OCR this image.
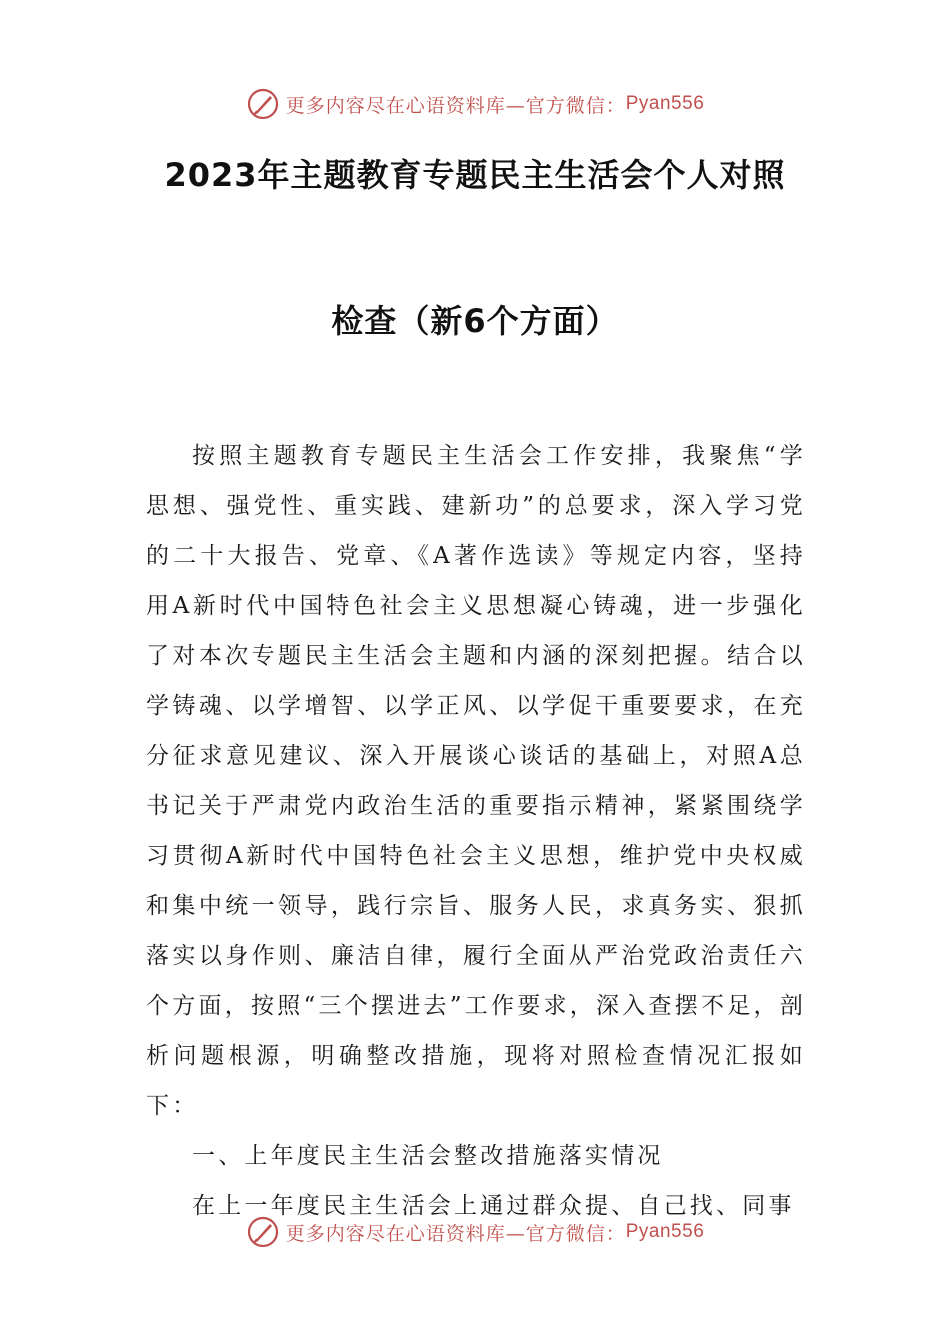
更多内容尽在心语资料库—官方微信： Pyan556
2023年主题教育专题民主生活会个人对照
检查（新6个方面）

按照主题教育专题民主生活会工作安排，我聚焦“学思想、强党性、重实践、建新功”的总要求，深入学习党的二十大报告、党章、《A著作选读》等规定内容，坚持用A新时代中国特色社会主义思想凝心铸魂，进一步强化了对本次专题民主生活会主题和内涵的深刻把握。结合以学铸魂、以学增智、以学正风、以学促干重要要求，在充分征求意见建议、深入开展谈心谈话的基础上，对照A总书记关于严肃党内政治生活的重要指示精神，紧紧围绕学习贯彻A新时代中国特色社会主义思想，维护党中央权威和集中统一领导，践行宗旨、服务人民，求真务实、狠抓落实以身作则、廉洁自律，履行全面从严治党政治责任六个方面，按照“三个摆进去”工作要求，深入查摆不足，剖析问题根源，明确整改措施，现将对照检查情况汇报如下：

一、上年度民主生活会整改措施落实情况

在上一年度民主生活会上通过群众提、自己找、同事

更多内容尽在心语资料库—官方微信： Pyan556
